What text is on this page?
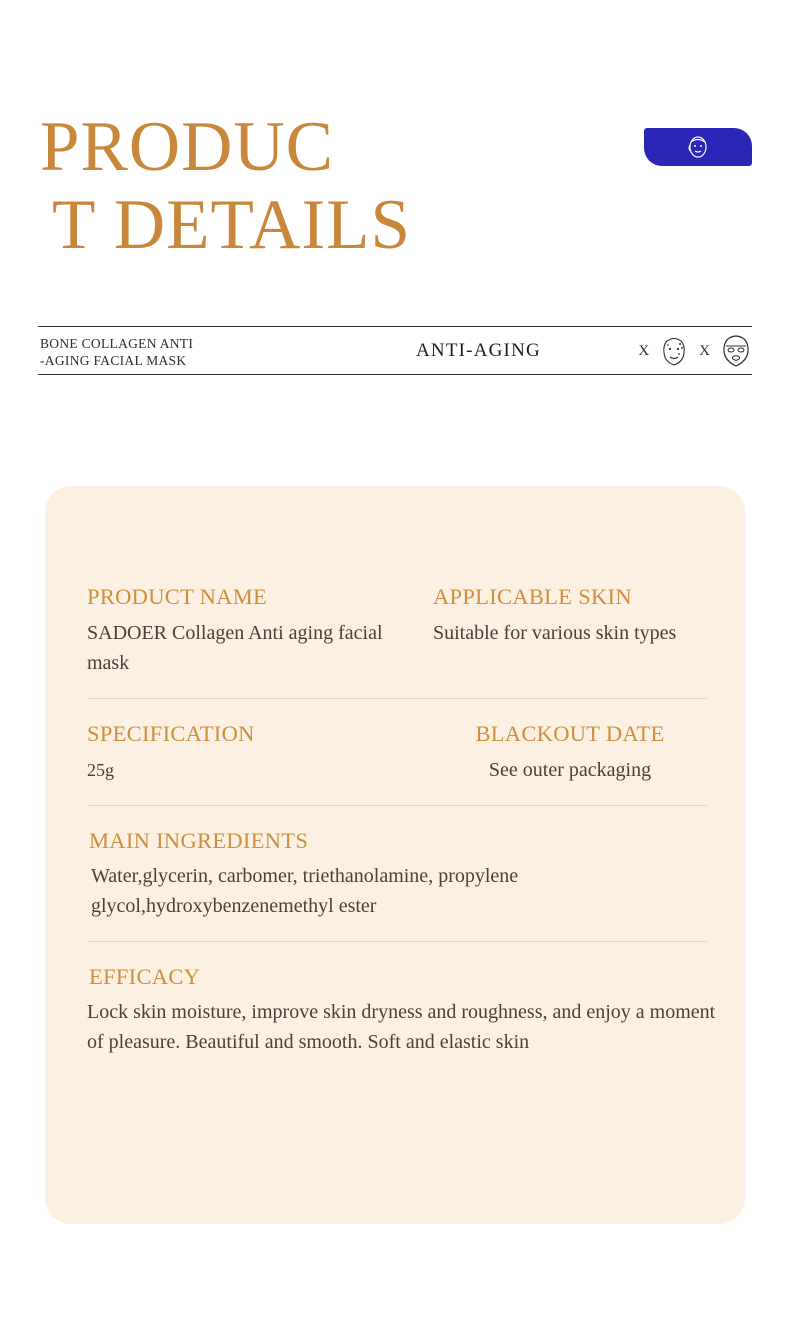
PRODUC
T DETAILS
BONE COLLAGEN ANTI
-AGING FACIAL MASK	ANTI-AGING	X	X
PRODUCT NAME
SADOER Collagen Anti aging facial mask
APPLICABLE SKIN
Suitable for various skin types
SPECIFICATION
25g
BLACKOUT DATE
See outer packaging
MAIN INGREDIENTS
Water,glycerin, carbomer, triethanolamine, propylene glycol,hydroxybenzenemethyl ester
EFFICACY
Lock skin moisture, improve skin dryness and roughness, and enjoy a moment of pleasure. Beautiful and smooth. Soft and elastic skin
